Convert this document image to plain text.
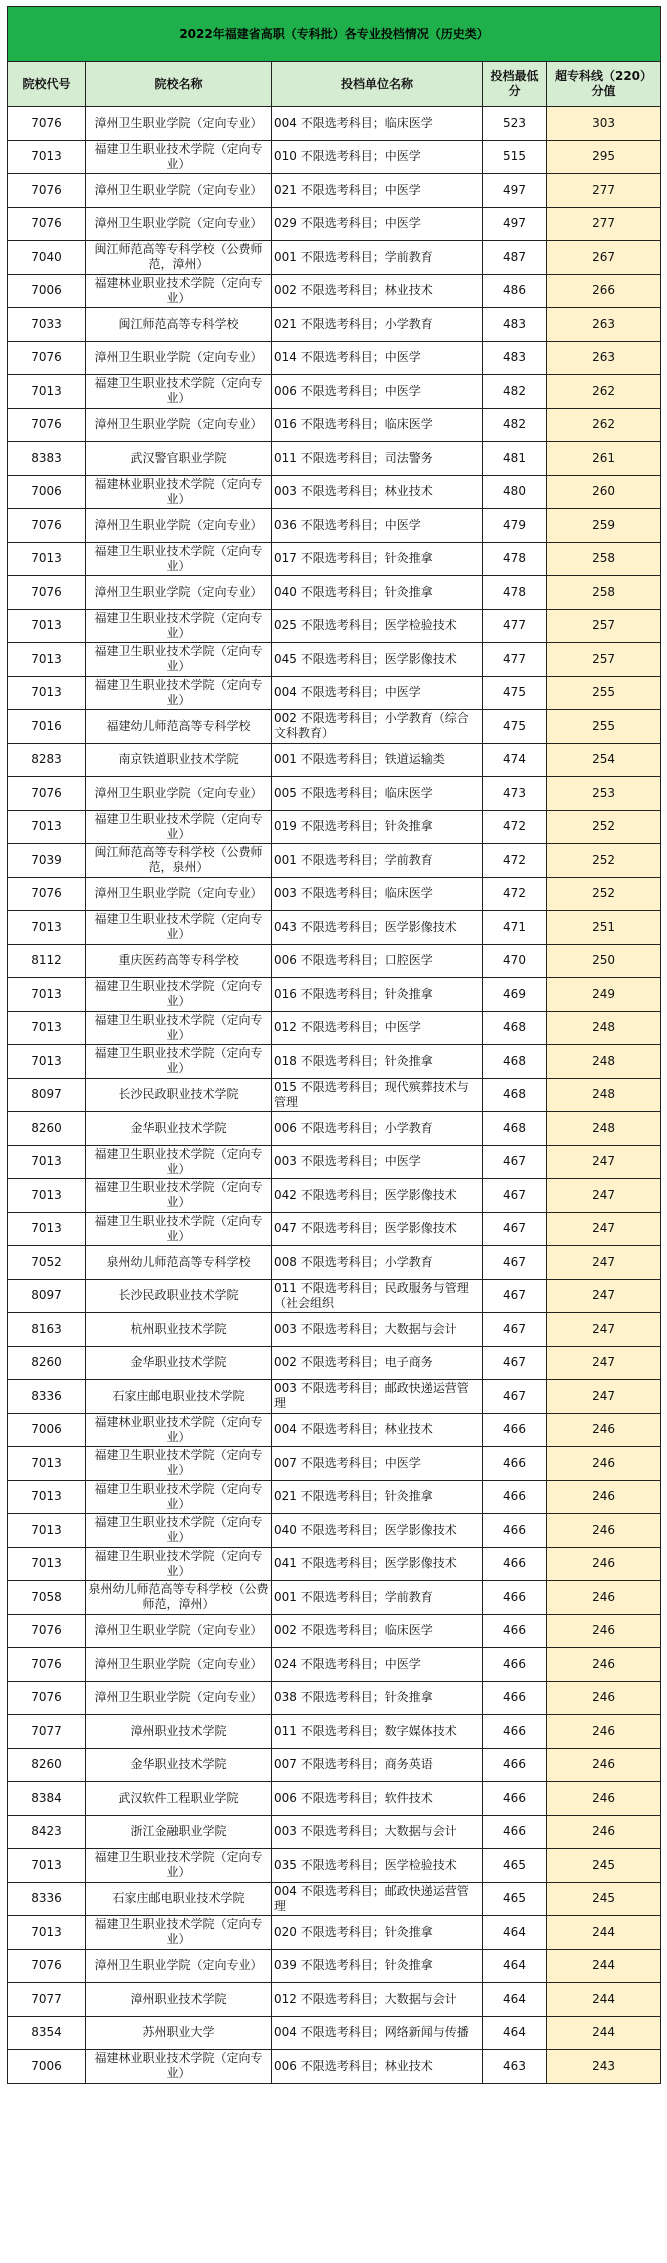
2022年福建省高职（专科批）各专业投档情况（历史类）				
院校代号	院校名称	投档单位名称	投档最低分	超专科线（220）分值
7076	漳州卫生职业学院（定向专业）	004 不限选考科目；临床医学	523	303
7013	福建卫生职业技术学院（定向专业）	010 不限选考科目；中医学	515	295
7076	漳州卫生职业学院（定向专业）	021 不限选考科目；中医学	497	277
7076	漳州卫生职业学院（定向专业）	029 不限选考科目；中医学	497	277
7040	闽江师范高等专科学校（公费师范，漳州）	001 不限选考科目；学前教育	487	267
7006	福建林业职业技术学院（定向专业）	002 不限选考科目；林业技术	486	266
7033	闽江师范高等专科学校	021 不限选考科目；小学教育	483	263
7076	漳州卫生职业学院（定向专业）	014 不限选考科目；中医学	483	263
7013	福建卫生职业技术学院（定向专业）	006 不限选考科目；中医学	482	262
7076	漳州卫生职业学院（定向专业）	016 不限选考科目；临床医学	482	262
8383	武汉警官职业学院	011 不限选考科目；司法警务	481	261
7006	福建林业职业技术学院（定向专业）	003 不限选考科目；林业技术	480	260
7076	漳州卫生职业学院（定向专业）	036 不限选考科目；中医学	479	259
7013	福建卫生职业技术学院（定向专业）	017 不限选考科目；针灸推拿	478	258
7076	漳州卫生职业学院（定向专业）	040 不限选考科目；针灸推拿	478	258
7013	福建卫生职业技术学院（定向专业）	025 不限选考科目；医学检验技术	477	257
7013	福建卫生职业技术学院（定向专业）	045 不限选考科目；医学影像技术	477	257
7013	福建卫生职业技术学院（定向专业）	004 不限选考科目；中医学	475	255
7016	福建幼儿师范高等专科学校	002 不限选考科目；小学教育（综合文科教育）	475	255
8283	南京铁道职业技术学院	001 不限选考科目；铁道运输类	474	254
7076	漳州卫生职业学院（定向专业）	005 不限选考科目；临床医学	473	253
7013	福建卫生职业技术学院（定向专业）	019 不限选考科目；针灸推拿	472	252
7039	闽江师范高等专科学校（公费师范，泉州）	001 不限选考科目；学前教育	472	252
7076	漳州卫生职业学院（定向专业）	003 不限选考科目；临床医学	472	252
7013	福建卫生职业技术学院（定向专业）	043 不限选考科目；医学影像技术	471	251
8112	重庆医药高等专科学校	006 不限选考科目；口腔医学	470	250
7013	福建卫生职业技术学院（定向专业）	016 不限选考科目；针灸推拿	469	249
7013	福建卫生职业技术学院（定向专业）	012 不限选考科目；中医学	468	248
7013	福建卫生职业技术学院（定向专业）	018 不限选考科目；针灸推拿	468	248
8097	长沙民政职业技术学院	015 不限选考科目；现代殡葬技术与管理	468	248
8260	金华职业技术学院	006 不限选考科目；小学教育	468	248
7013	福建卫生职业技术学院（定向专业）	003 不限选考科目；中医学	467	247
7013	福建卫生职业技术学院（定向专业）	042 不限选考科目；医学影像技术	467	247
7013	福建卫生职业技术学院（定向专业）	047 不限选考科目；医学影像技术	467	247
7052	泉州幼儿师范高等专科学校	008 不限选考科目；小学教育	467	247
8097	长沙民政职业技术学院	011 不限选考科目；民政服务与管理（社会组织	467	247
8163	杭州职业技术学院	003 不限选考科目；大数据与会计	467	247
8260	金华职业技术学院	002 不限选考科目；电子商务	467	247
8336	石家庄邮电职业技术学院	003 不限选考科目；邮政快递运营管理	467	247
7006	福建林业职业技术学院（定向专业）	004 不限选考科目；林业技术	466	246
7013	福建卫生职业技术学院（定向专业）	007 不限选考科目；中医学	466	246
7013	福建卫生职业技术学院（定向专业）	021 不限选考科目；针灸推拿	466	246
7013	福建卫生职业技术学院（定向专业）	040 不限选考科目；医学影像技术	466	246
7013	福建卫生职业技术学院（定向专业）	041 不限选考科目；医学影像技术	466	246
7058	泉州幼儿师范高等专科学校（公费师范，漳州）	001 不限选考科目；学前教育	466	246
7076	漳州卫生职业学院（定向专业）	002 不限选考科目；临床医学	466	246
7076	漳州卫生职业学院（定向专业）	024 不限选考科目；中医学	466	246
7076	漳州卫生职业学院（定向专业）	038 不限选考科目；针灸推拿	466	246
7077	漳州职业技术学院	011 不限选考科目；数字媒体技术	466	246
8260	金华职业技术学院	007 不限选考科目；商务英语	466	246
8384	武汉软件工程职业学院	006 不限选考科目；软件技术	466	246
8423	浙江金融职业学院	003 不限选考科目；大数据与会计	466	246
7013	福建卫生职业技术学院（定向专业）	035 不限选考科目；医学检验技术	465	245
8336	石家庄邮电职业技术学院	004 不限选考科目；邮政快递运营管理	465	245
7013	福建卫生职业技术学院（定向专业）	020 不限选考科目；针灸推拿	464	244
7076	漳州卫生职业学院（定向专业）	039 不限选考科目；针灸推拿	464	244
7077	漳州职业技术学院	012 不限选考科目；大数据与会计	464	244
8354	苏州职业大学	004 不限选考科目；网络新闻与传播	464	244
7006	福建林业职业技术学院（定向专业）	006 不限选考科目；林业技术	463	243
